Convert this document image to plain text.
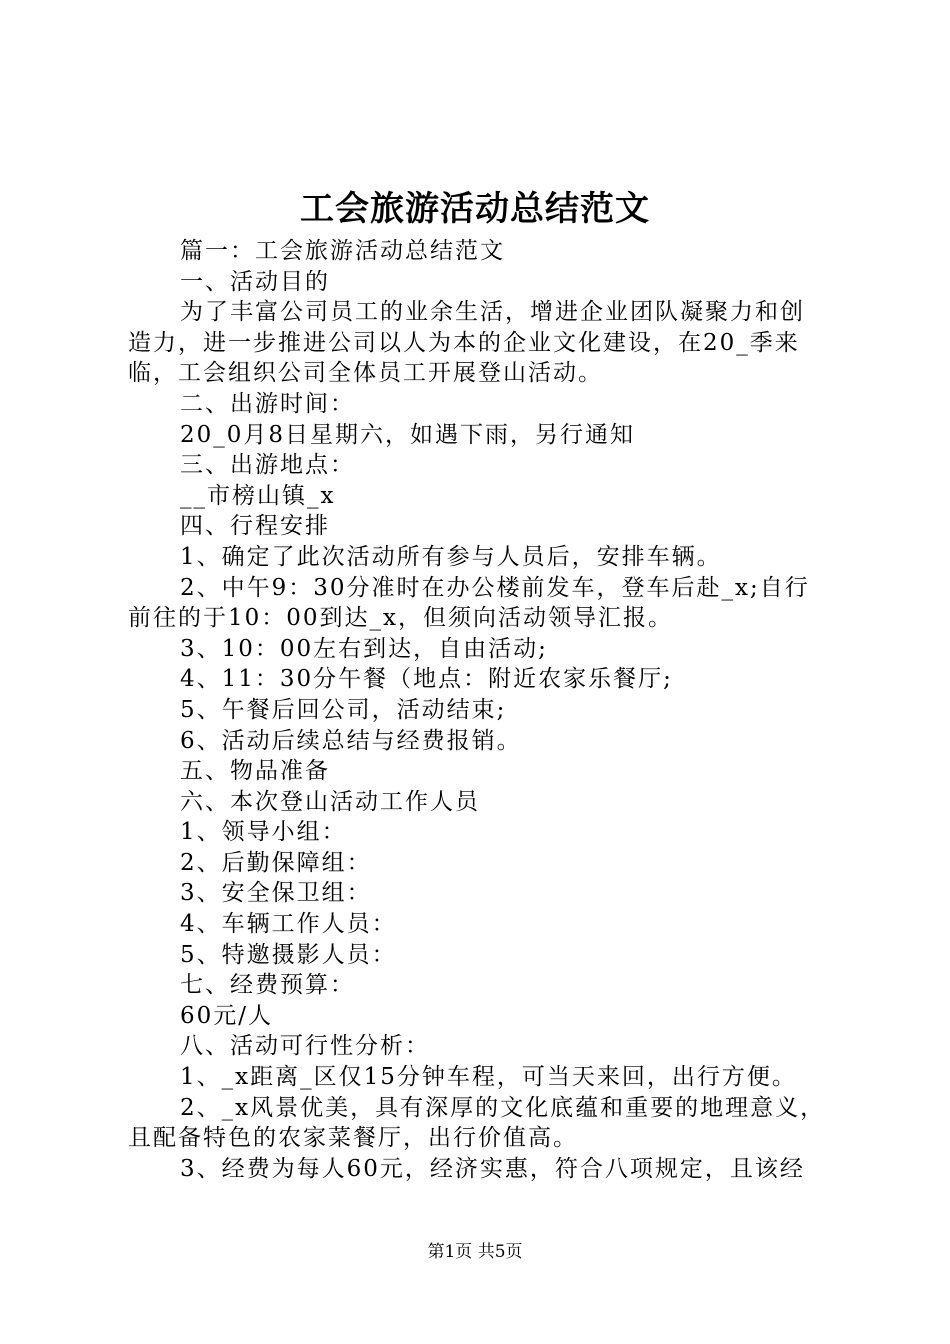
工会旅游活动总结范文
篇一：工会旅游活动总结范文
一、活动目的
为了丰富公司员工的业余生活，增进企业团队凝聚力和创
造力，进一步推进公司以人为本的企业文化建设，在20_季来
临，工会组织公司全体员工开展登山活动。
二、出游时间：
20_0月8日星期六，如遇下雨，另行通知
三、出游地点：
__市榜山镇_x
四、行程安排
1、确定了此次活动所有参与人员后，安排车辆。
2、中午9：30分准时在办公楼前发车，登车后赴_x;自行
前往的于10：00到达_x，但须向活动领导汇报。
3、10：00左右到达，自由活动;
4、11：30分午餐（地点：附近农家乐餐厅;
5、午餐后回公司，活动结束;
6、活动后续总结与经费报销。
五、物品准备
六、本次登山活动工作人员
1、领导小组：
2、后勤保障组：
3、安全保卫组：
4、车辆工作人员：
5、特邀摄影人员：
七、经费预算：
60元/人
八、活动可行性分析：
1、_x距离_区仅15分钟车程，可当天来回，出行方便。
2、_x风景优美，具有深厚的文化底蕴和重要的地理意义，
且配备特色的农家菜餐厅，出行价值高。
3、经费为每人60元，经济实惠，符合八项规定，且该经
第1页 共5页
